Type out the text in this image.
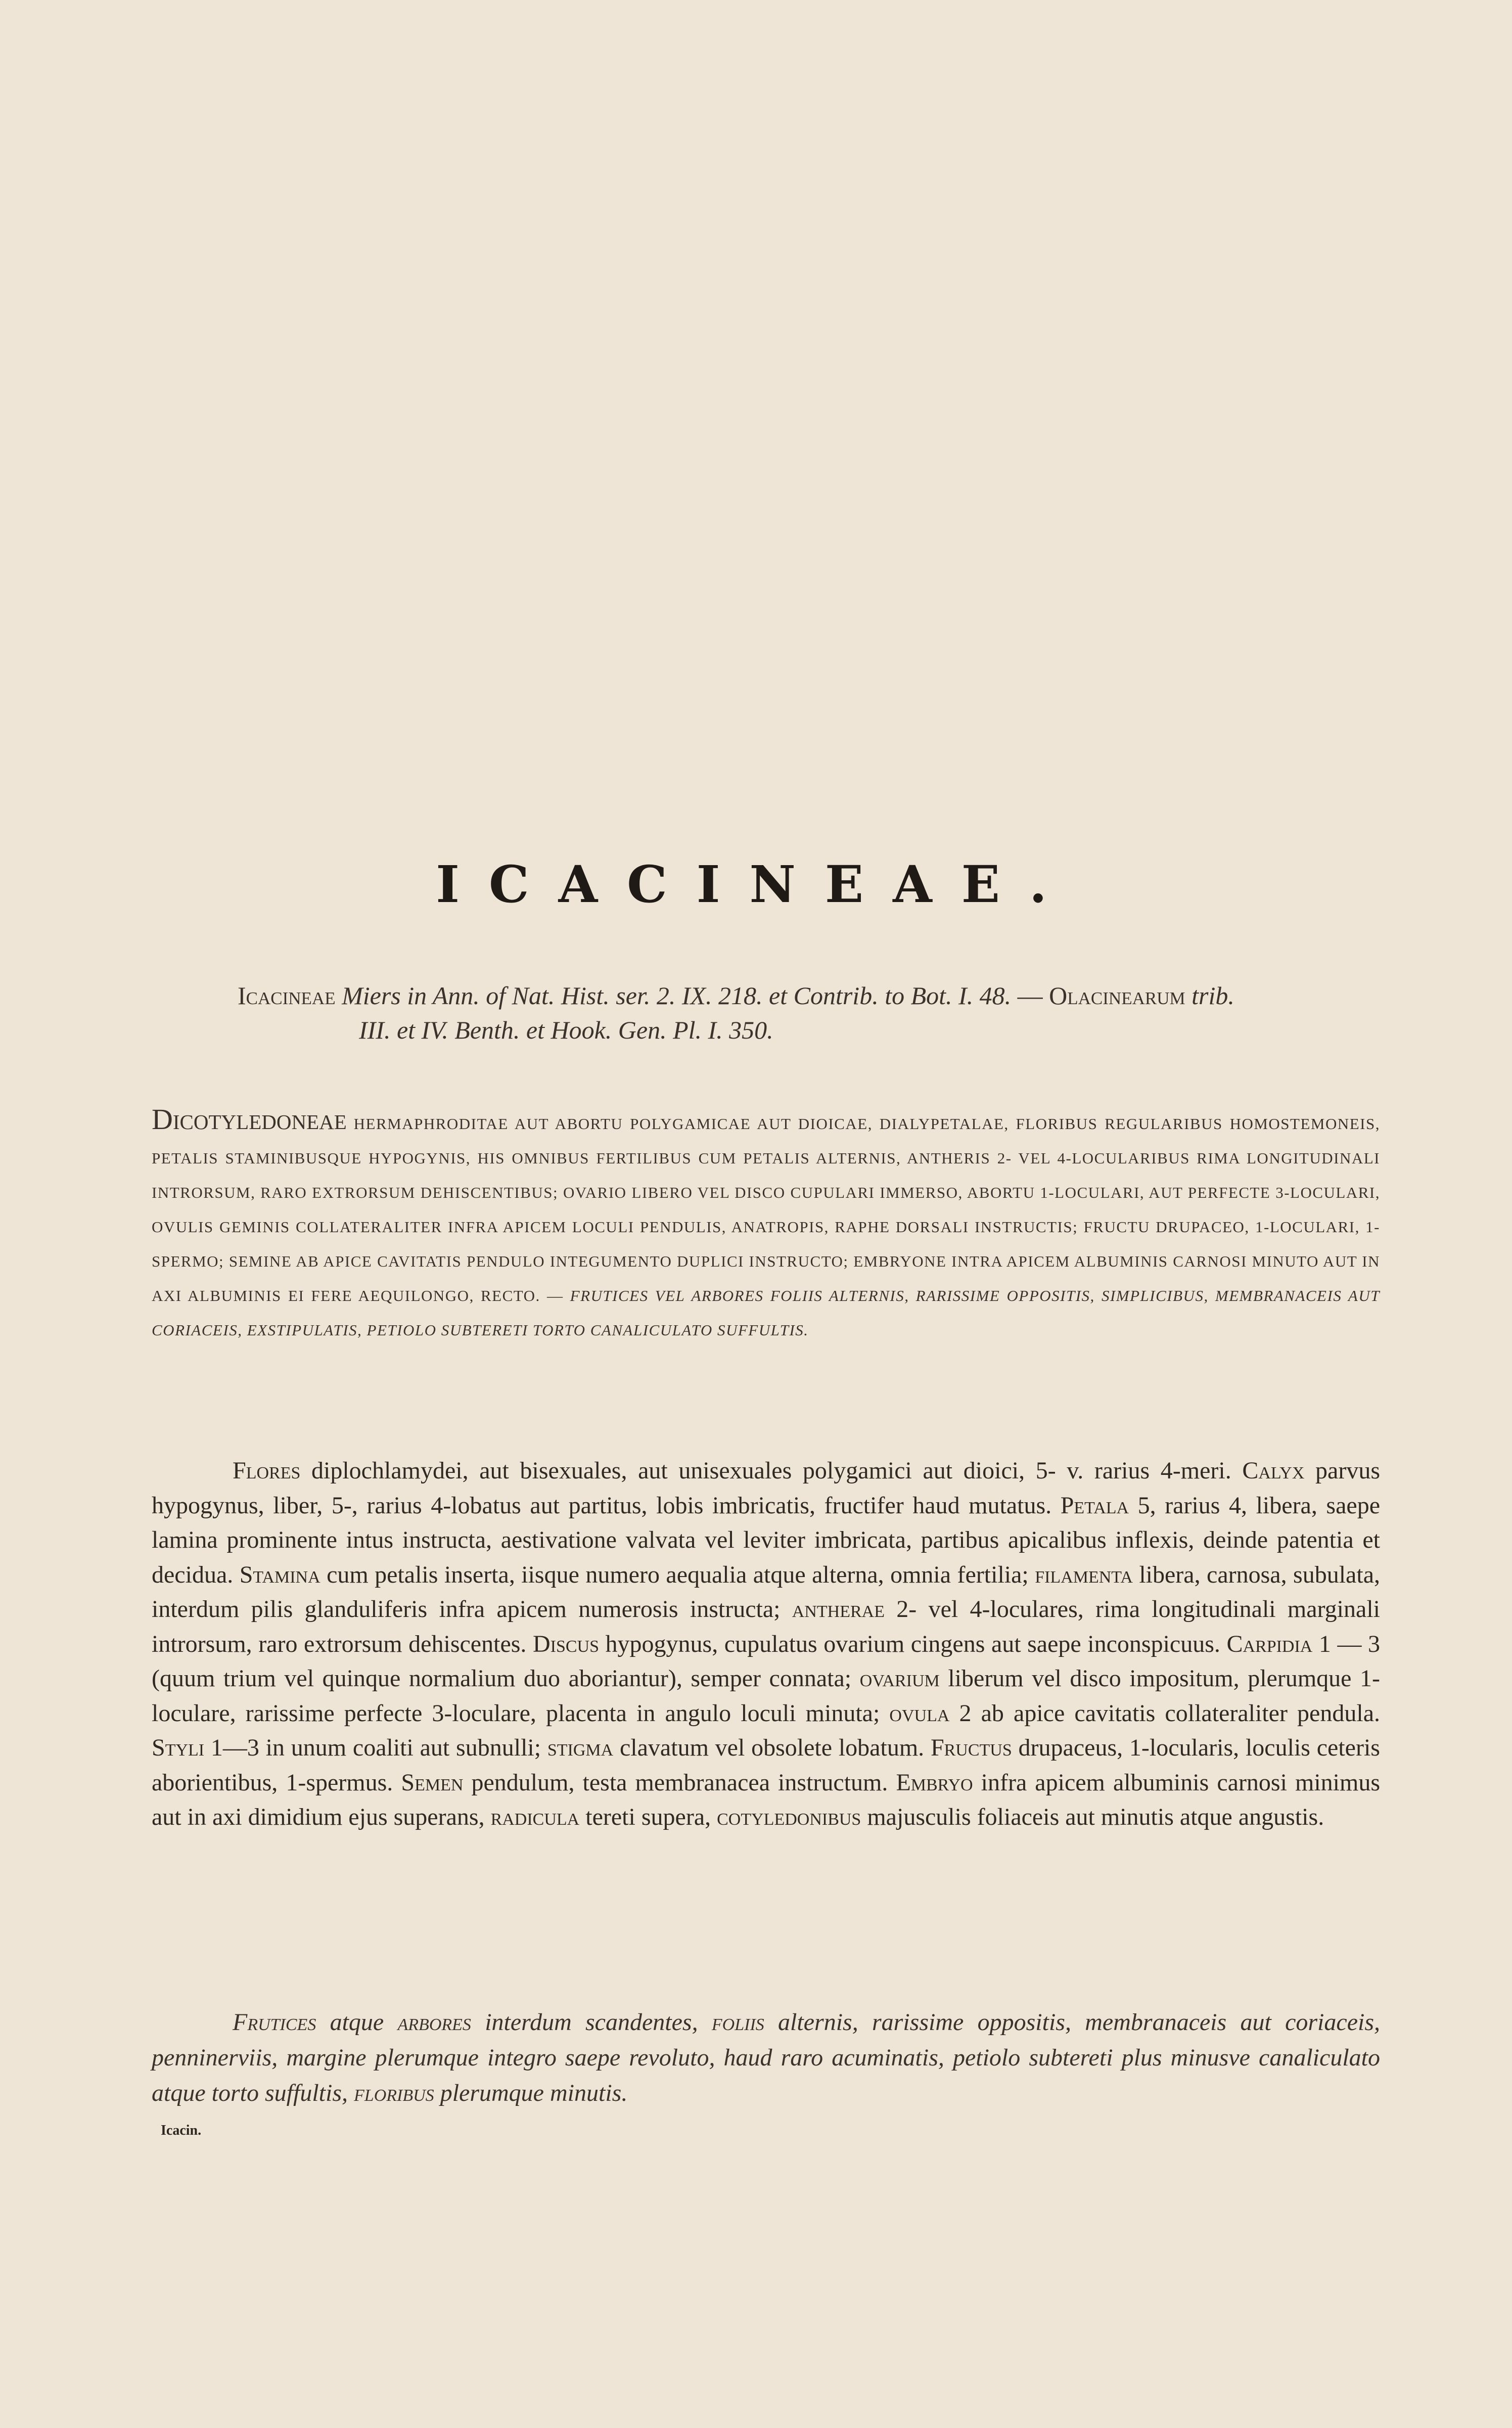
ICACINEAE.
Icacineae Miers in Ann. of Nat. Hist. ser. 2. IX. 218. et Contrib. to Bot. I. 48. — Olacinearum trib.
III. et IV. Benth. et Hook. Gen. Pl. I. 350.
Dicotyledoneae HERMAPHRODITAE AUT ABORTU POLYGAMICAE AUT DIOICAE, DIALYPETALAE, FLORIBUS REGULARIBUS HOMOSTEMONEIS, PETALIS STAMINIBUSQUE HYPOGYNIS, HIS OMNIBUS FERTILIBUS CUM PETALIS ALTERNIS, ANTHERIS 2- VEL 4-LOCULARIBUS RIMA LONGITUDINALI INTRORSUM, RARO EXTRORSUM DEHISCENTIBUS; OVARIO LIBERO VEL DISCO CUPULARI IMMERSO, ABORTU 1-LOCULARI, AUT PERFECTE 3-LOCULARI, OVULIS GEMINIS COLLATERALITER INFRA APICEM LOCULI PENDULIS, ANATROPIS, RAPHE DORSALI INSTRUCTIS; FRUCTU DRUPACEO, 1-LOCULARI, 1-SPERMO; SEMINE AB APICE CAVITATIS PENDULO INTEGUMENTO DUPLICI INSTRUCTO; EMBRYONE INTRA APICEM ALBUMINIS CARNOSI MINUTO AUT IN AXI ALBUMINIS EI FERE AEQUILONGO, RECTO. — FRUTICES VEL ARBORES FOLIIS ALTERNIS, RARISSIME OPPOSITIS, SIMPLICIBUS, MEMBRANACEIS AUT CORIACEIS, EXSTIPULATIS, PETIOLO SUBTERETI TORTO CANALICULATO SUFFULTIS.

Flores diplochlamydei, aut bisexuales, aut unisexuales polygamici aut dioici, 5- v. rarius 4-meri. Calyx parvus hypogynus, liber, 5-, rarius 4-lobatus aut partitus, lobis imbricatis, fructifer haud mutatus. Petala 5, rarius 4, libera, saepe lamina prominente intus instructa, aestivatione valvata vel leviter imbricata, partibus apicalibus inflexis, deinde patentia et decidua. Stamina cum petalis inserta, iisque numero aequalia atque alterna, omnia fertilia; filamenta libera, carnosa, subulata, interdum pilis glanduliferis infra apicem numerosis instructa; antherae 2- vel 4-loculares, rima longitudinali marginali introrsum, raro extrorsum dehiscentes. Discus hypogynus, cupulatus ovarium cingens aut saepe inconspicuus. Carpidia 1 — 3 (quum trium vel quinque normalium duo aboriantur), semper connata; ovarium liberum vel disco impositum, plerumque 1-loculare, rarissime perfecte 3-loculare, placenta in angulo loculi minuta; ovula 2 ab apice cavitatis collateraliter pendula. Styli 1—3 in unum coaliti aut subnulli; stigma clavatum vel obsolete lobatum. Fructus drupaceus, 1-locularis, loculis ceteris aborientibus, 1-spermus. Semen pendulum, testa membranacea instructum. Embryo infra apicem albuminis carnosi minimus aut in axi dimidium ejus superans, radicula tereti supera, cotyledonibus majusculis foliaceis aut minutis atque angustis.

Frutices atque arbores interdum scandentes, foliis alternis, rarissime oppositis, membranaceis aut coriaceis, penninerviis, margine plerumque integro saepe revoluto, haud raro acuminatis, petiolo subtereti plus minusve canaliculato atque torto suffultis, floribus plerumque minutis.

Icacin.
